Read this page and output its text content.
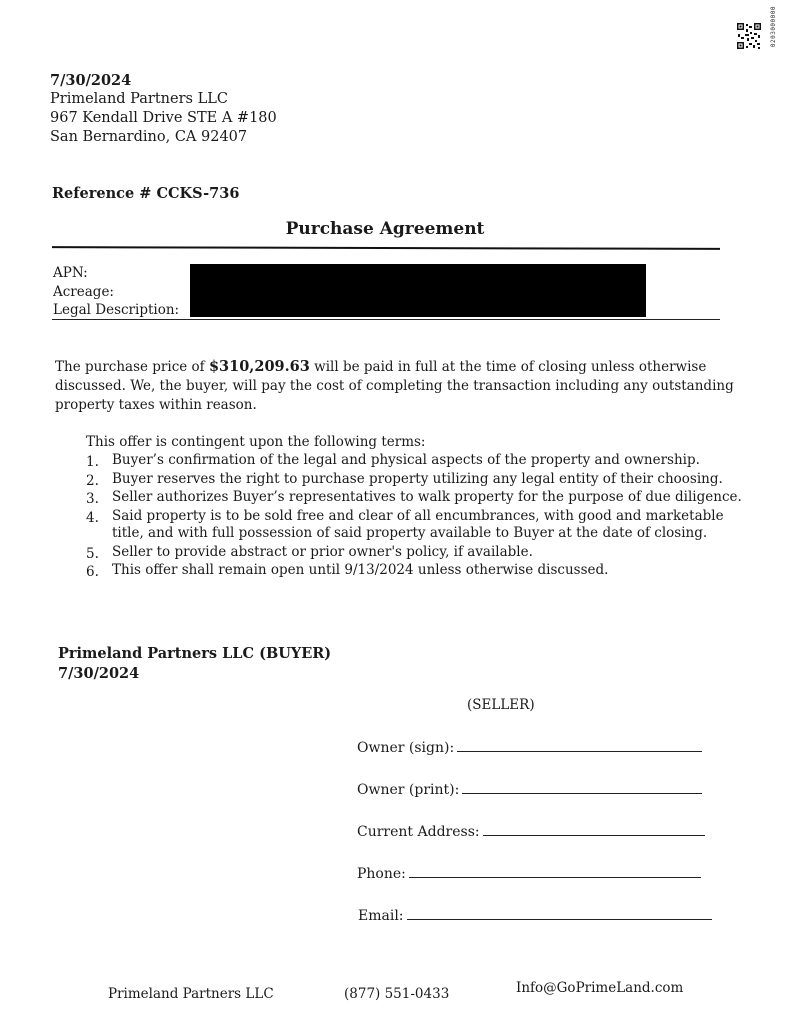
0203000000
7/30/2024
Primeland Partners LLC
967 Kendall Drive STE A #180
San Bernardino, CA 92407
Reference # CCKS-736
Purchase Agreement
APN:
Acreage:
Legal Description:
The purchase price of $310,209.63 will be paid in full at the time of closing unless otherwise discussed. We, the buyer, will pay the cost of completing the transaction including any outstanding property taxes within reason.
This offer is contingent upon the following terms:
1. Buyer’s confirmation of the legal and physical aspects of the property and ownership.
2. Buyer reserves the right to purchase property utilizing any legal entity of their choosing.
3. Seller authorizes Buyer’s representatives to walk property for the purpose of due diligence.
4. Said property is to be sold free and clear of all encumbrances, with good and marketable title, and with full possession of said property available to Buyer at the date of closing.
5. Seller to provide abstract or prior owner's policy, if available.
6. This offer shall remain open until 9/13/2024 unless otherwise discussed.
Primeland Partners LLC (BUYER)
7/30/2024
(SELLER)
Owner (sign):
Owner (print):
Current Address:
Phone:
Email:
Primeland Partners LLC	(877) 551-0433	Info@GoPrimeLand.com
